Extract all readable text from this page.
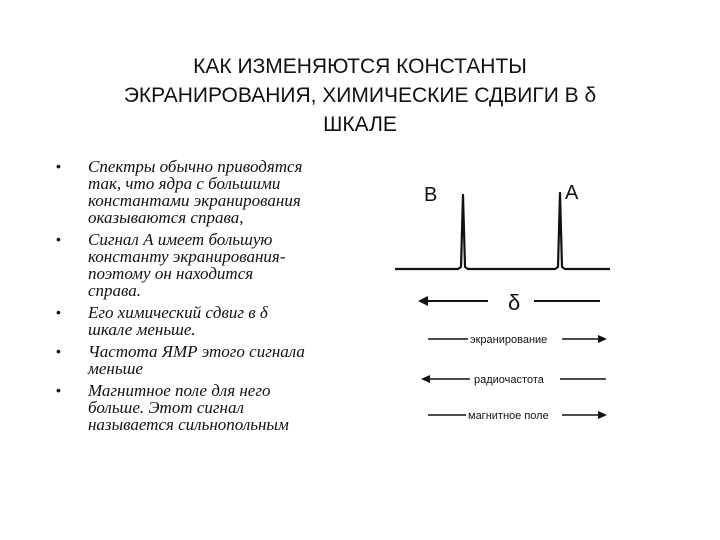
КАК ИЗМЕНЯЮТСЯ КОНСТАНТЫ
ЭКРАНИРОВАНИЯ, ХИМИЧЕСКИЕ СДВИГИ В δ
ШКАЛЕ
• Спектры обычно приводятся
так, что ядра с большими
константами экранирования
оказываются справа,
• Сигнал А имеет большую
константу экранирования-
поэтому он находится
справа.
• Его химический сдвиг в δ
шкале меньше.
• Частота ЯМР этого сигнала
меньше
• Магнитное поле для него
больше. Этот сигнал
называется сильнопольным
B	A
δ
экранирование
радиочастота
магнитное поле
